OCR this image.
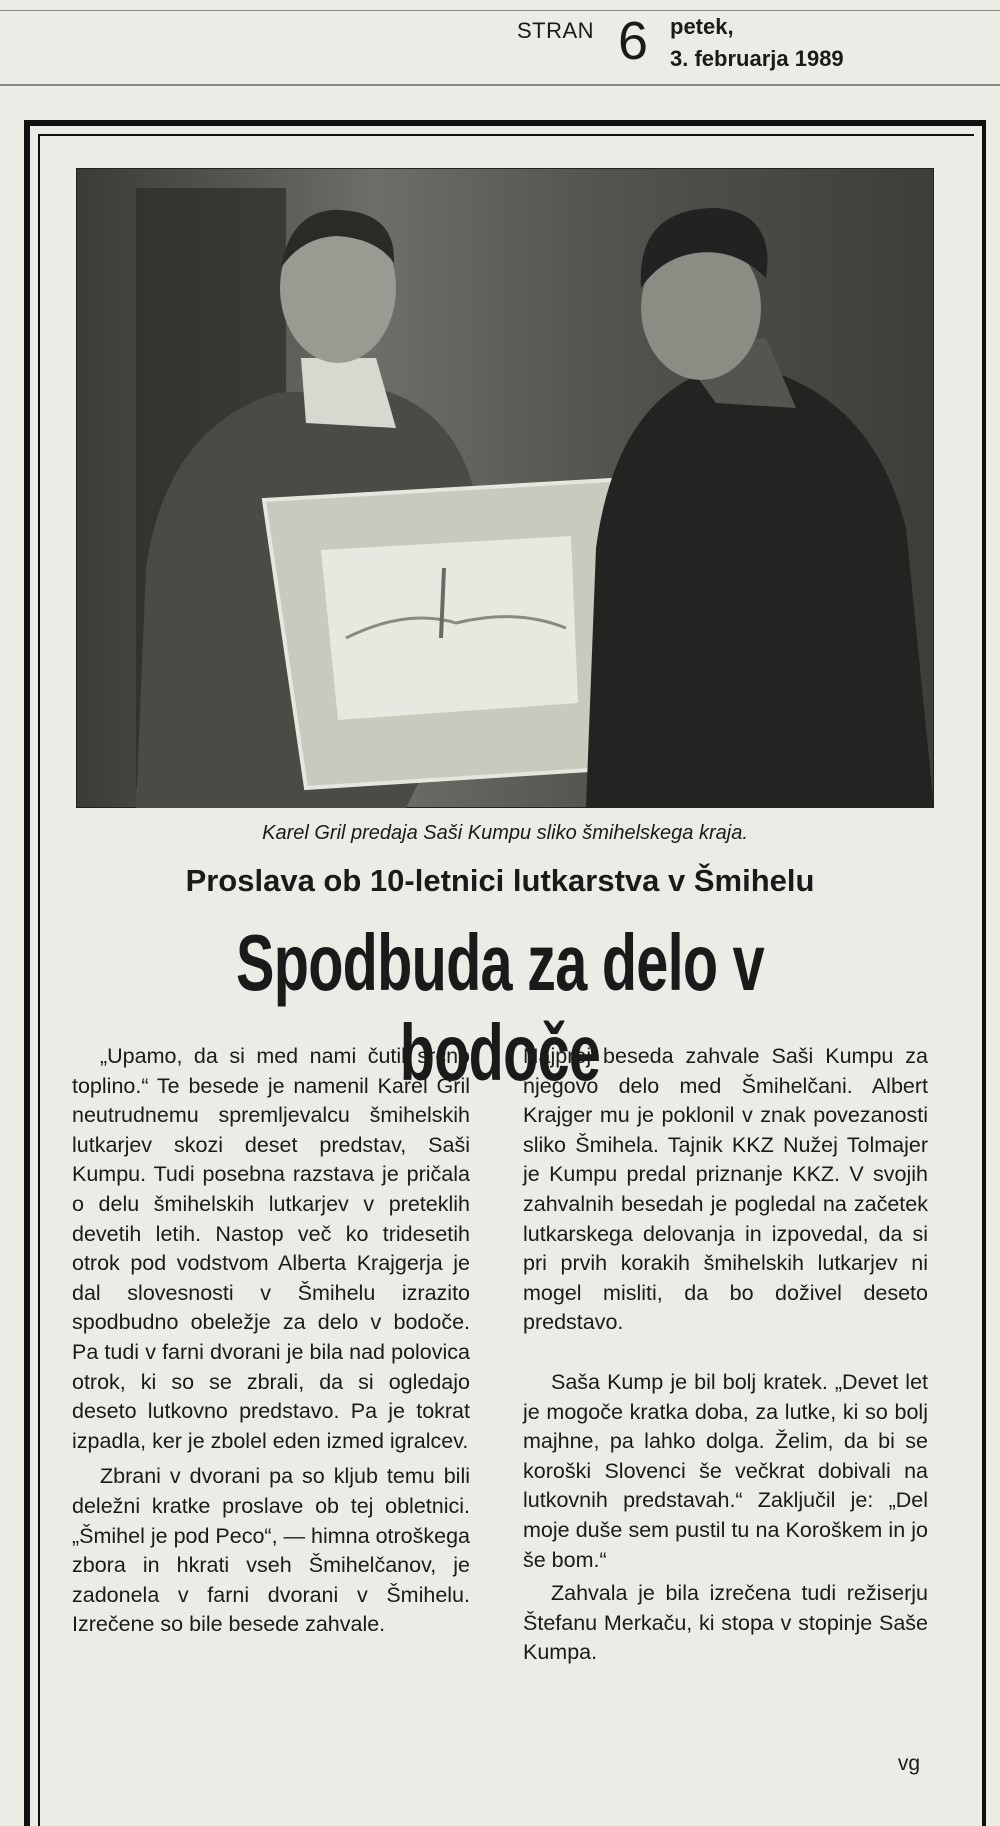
STRAN 6 petek,
3. februarja 1989
Karel Gril predaja Saši Kumpu sliko šmihelskega kraja.
Proslava ob 10-letnici lutkarstva v Šmihelu
Spodbuda za delo v bodoče

„Upamo, da si med nami čutil srčno toplino.“ Te besede je namenil Karel Gril neutrudnemu spremljevalcu šmihelskih lutkarjev skozi deset predstav, Saši Kumpu. Tudi posebna razstava je pričala o delu šmihelskih lutkarjev v preteklih devetih letih. Nastop več ko tridesetih otrok pod vodstvom Alberta Krajgerja je dal slovesnosti v Šmihelu izrazito spodbudno obeležje za delo v bodoče. Pa tudi v farni dvorani je bila nad polovica otrok, ki so se zbrali, da si ogledajo deseto lutkovno predstavo. Pa je tokrat izpadla, ker je zbolel eden izmed igralcev.

Zbrani v dvorani pa so kljub temu bili deležni kratke proslave ob tej obletnici. „Šmihel je pod Peco“, — himna otroškega zbora in hkrati vseh Šmihelčanov, je zadonela v farni dvorani v Šmihelu. Izrečene so bile besede zahvale.

Najprej beseda zahvale Saši Kumpu za njegovo delo med Šmihelčani. Albert Krajger mu je poklonil v znak povezanosti sliko Šmihela. Tajnik KKZ Nužej Tolmajer je Kumpu predal priznanje KKZ. V svojih zahvalnih besedah je pogledal na začetek lutkarskega delovanja in izpovedal, da si pri prvih korakih šmihelskih lutkarjev ni mogel misliti, da bo doživel deseto predstavo.

Saša Kump je bil bolj kratek. „Devet let je mogoče kratka doba, za lutke, ki so bolj majhne, pa lahko dolga. Želim, da bi se koroški Slovenci še večkrat dobivali na lutkovnih predstavah.“ Zaključil je: „Del moje duše sem pustil tu na Koroškem in jo še bom.“

Zahvala je bila izrečena tudi režiserju Štefanu Merkaču, ki stopa v stopinje Saše Kumpa.

vg
